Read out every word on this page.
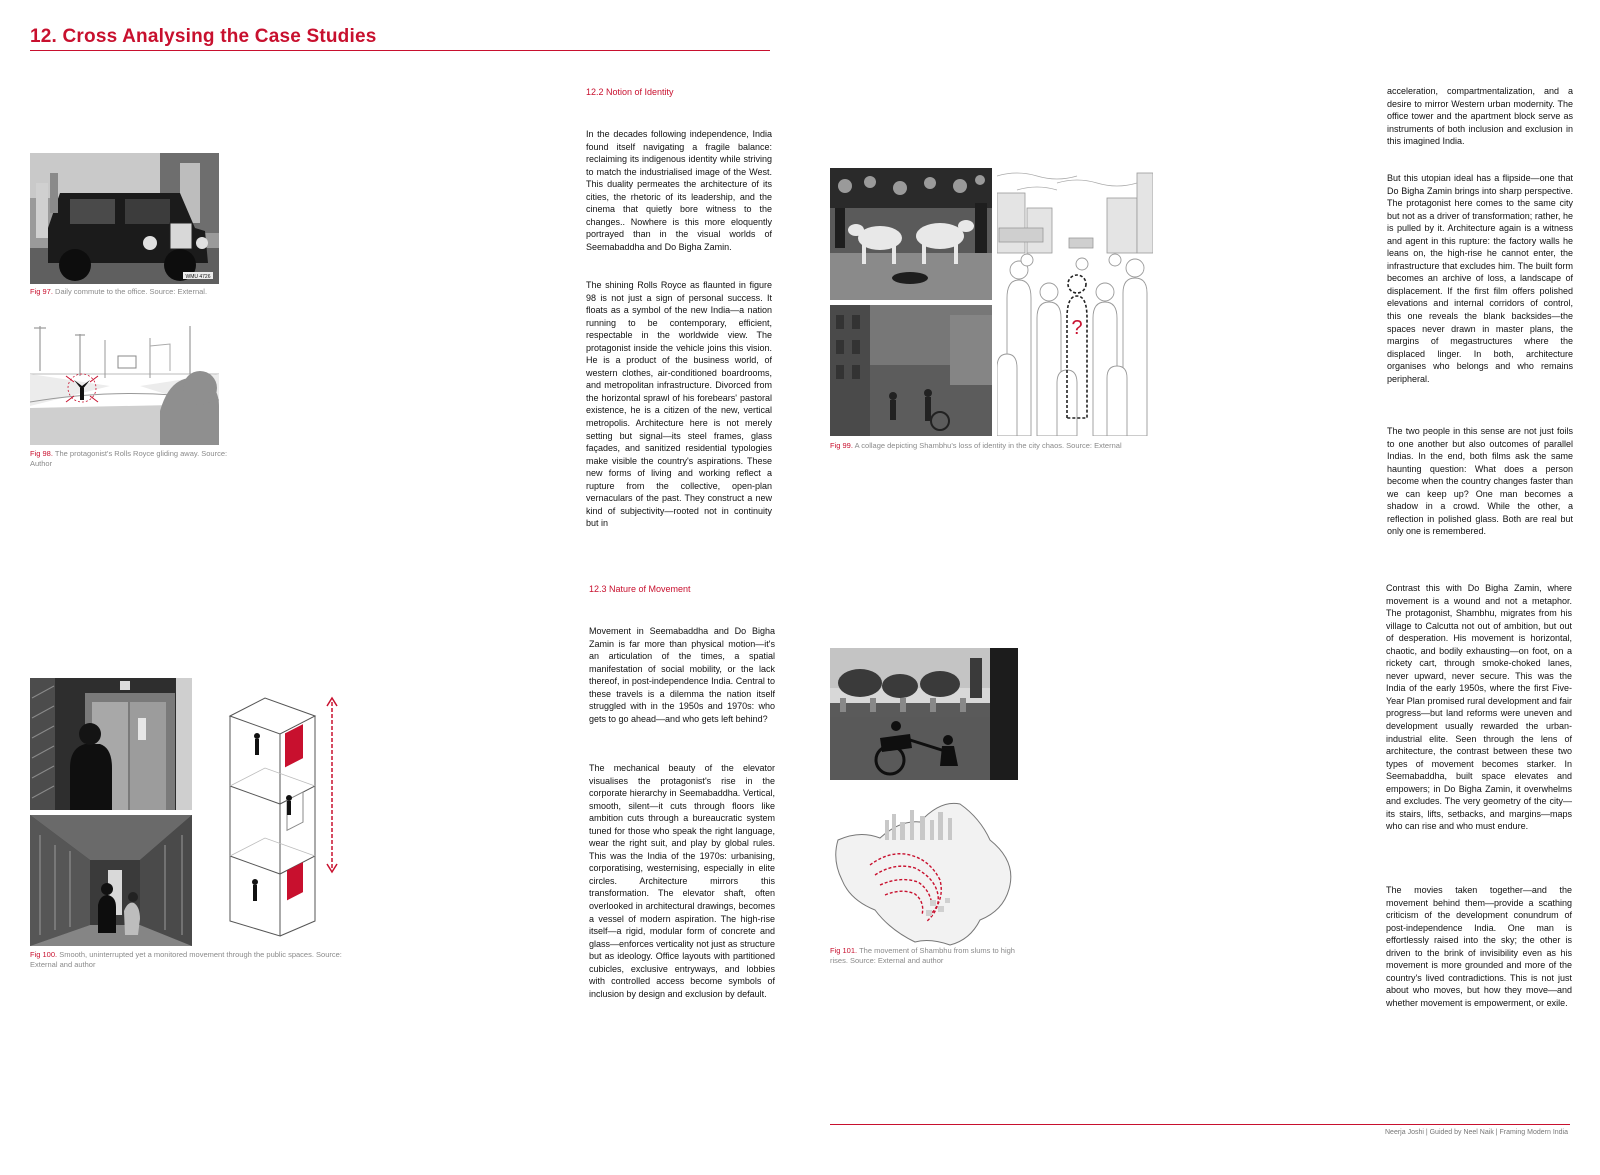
12. Cross Analysing the Case Studies
WMU 4726
Fig 97. Daily commute to the office. Source: External.
Fig 98. The protagonist's Rolls Royce gliding away. Source: Author
Fig 100. Smooth, uninterrupted yet a monitored movement through the public spaces. Source: External and author
12.2 Notion of Identity

In the decades following independence, India found itself navigating a fragile balance: reclaiming its indigenous identity while striving to match the industrialised image of the West. This duality permeates the architecture of its cities, the rhetoric of its leadership, and the cinema that quietly bore witness to the changes.. Nowhere is this more eloquently portrayed than in the visual worlds of Seemabaddha and Do Bigha Zamin.

The shining Rolls Royce as flaunted in figure 98 is not just a sign of personal success. It floats as a symbol of the new India—a nation running to be contemporary, efficient, respectable in the worldwide view. The protagonist inside the vehicle joins this vision. He is a product of the business world, of western clothes, air-conditioned boardrooms, and metropolitan infrastructure. Divorced from the horizontal sprawl of his forebears' pastoral existence, he is a citizen of the new, vertical metropolis. Architecture here is not merely setting but signal—its steel frames, glass façades, and sanitized residential typologies make visible the country's aspirations. These new forms of living and working reflect a rupture from the collective, open-plan vernaculars of the past. They construct a new kind of subjectivity—rooted not in continuity but in

12.3 Nature of Movement

Movement in Seemabaddha and Do Bigha Zamin is far more than physical motion—it's an articulation of the times, a spatial manifestation of social mobility, or the lack thereof, in post-independence India. Central to these travels is a dilemma the nation itself struggled with in the 1950s and 1970s: who gets to go ahead—and who gets left behind?

The mechanical beauty of the elevator visualises the protagonist's rise in the corporate hierarchy in Seemabaddha. Vertical, smooth, silent—it cuts through floors like ambition cuts through a bureaucratic system tuned for those who speak the right language, wear the right suit, and play by global rules. This was the India of the 1970s: urbanising, corporatising, westernising, especially in elite circles. Architecture mirrors this transformation. The elevator shaft, often overlooked in architectural drawings, becomes a vessel of modern aspiration. The high-rise itself—a rigid, modular form of concrete and glass—enforces verticality not just as structure but as ideology. Office layouts with partitioned cubicles, exclusive entryways, and lobbies with controlled access become symbols of inclusion by design and exclusion by default.

?
Fig 99. A collage depicting Shambhu's loss of identity in the city chaos. Source: External
Fig 101. The movement of Shambhu from slums to high rises. Source: External and author

acceleration, compartmentalization, and a desire to mirror Western urban modernity. The office tower and the apartment block serve as instruments of both inclusion and exclusion in this imagined India.

But this utopian ideal has a flipside—one that Do Bigha Zamin brings into sharp perspective. The protagonist here comes to the same city but not as a driver of transformation; rather, he is pulled by it. Architecture again is a witness and agent in this rupture: the factory walls he leans on, the high-rise he cannot enter, the infrastructure that excludes him. The built form becomes an archive of loss, a landscape of displacement. If the first film offers polished elevations and internal corridors of control, this one reveals the blank backsides—the spaces never drawn in master plans, the margins of megastructures where the displaced linger. In both, architecture organises who belongs and who remains peripheral.

The two people in this sense are not just foils to one another but also outcomes of parallel Indias. In the end, both films ask the same haunting question: What does a person become when the country changes faster than we can keep up? One man becomes a shadow in a crowd. While the other, a reflection in polished glass. Both are real but only one is remembered.

Contrast this with Do Bigha Zamin, where movement is a wound and not a metaphor. The protagonist, Shambhu, migrates from his village to Calcutta not out of ambition, but out of desperation. His movement is horizontal, chaotic, and bodily exhausting—on foot, on a rickety cart, through smoke-choked lanes, never upward, never secure. This was the India of the early 1950s, where the first Five-Year Plan promised rural development and fair progress—but land reforms were uneven and development usually rewarded the urban-industrial elite. Seen through the lens of architecture, the contrast between these two types of movement becomes starker. In Seemabaddha, built space elevates and empowers; in Do Bigha Zamin, it overwhelms and excludes. The very geometry of the city—its stairs, lifts, setbacks, and margins—maps who can rise and who must endure.

The movies taken together—and the movement behind them—provide a scathing criticism of the development conundrum of post-independence India. One man is effortlessly raised into the sky; the other is driven to the brink of invisibility even as his movement is more grounded and more of the country's lived contradictions. This is not just about who moves, but how they move—and whether movement is empowerment, or exile.

Neerja Joshi | Guided by Neel Naik | Framing Modern India
